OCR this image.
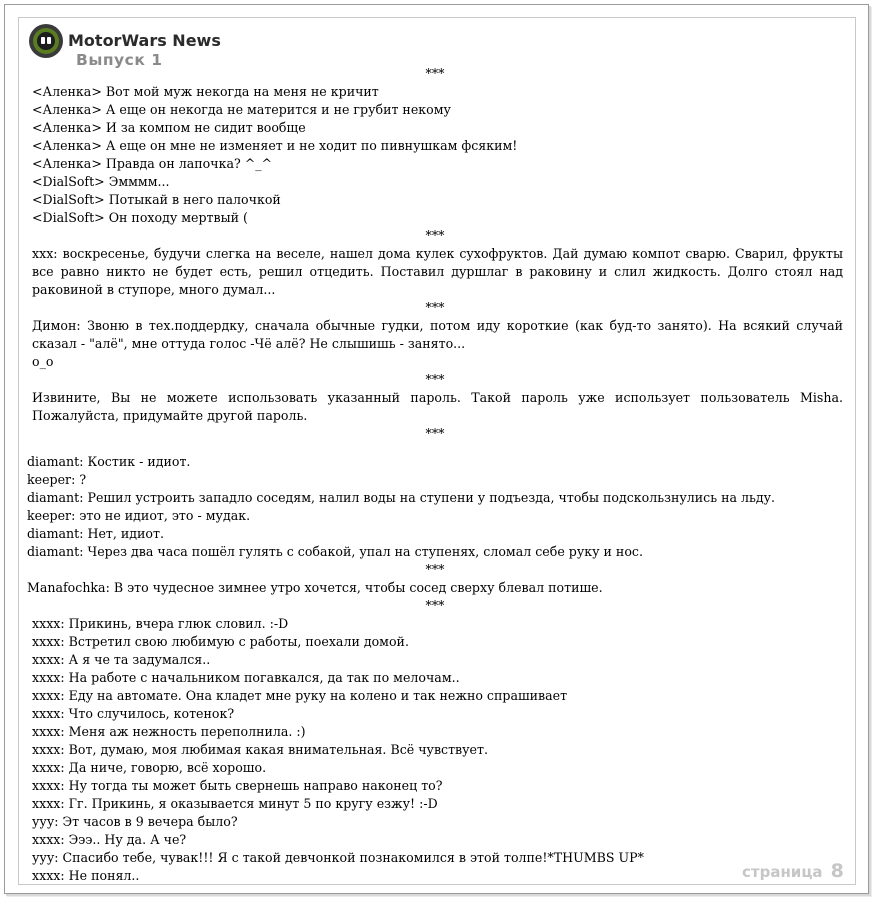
MotorWars News
Выпуск 1
***
<Аленка> Вот мой муж некогда на меня не кричит
<Аленка> А еще он некогда не матерится и не грубит некому
<Аленка> И за компом не сидит вообще
<Аленка> А еще он мне не изменяет и не ходит по пивнушкам фсяким!
<Аленка> Правда он лапочка? ^_^
<DialSoft> Эмммм...
<DialSoft> Потыкай в него палочкой
<DialSoft> Он походу мертвый (
***
xxx: воскресенье, будучи слегка на веселе, нашел дома кулек сухофруктов. Дай думаю компот сварю. Сварил, фрукты все равно никто не будет есть, решил отцедить. Поставил дуршлаг в раковину и слил жидкость. Долго стоял над раковиной в ступоре, много думал...
***
Димон: Звоню в тех.поддердку, сначала обычные гудки, потом иду короткие (как буд-то занято). На всякий случай сказал - "алё", мне оттуда голос -Чё алё? Не слышишь - занято...
o_o
***
Извините, Вы не можете использовать указанный пароль. Такой пароль уже использует пользователь Misha. Пожалуйста, придумайте другой пароль.
***
diamant: Костик - идиот.
keeper: ?
diamant: Решил устроить западло соседям, налил воды на ступени у подъезда, чтобы подскользнулись на льду.
keeper: это не идиот, это - мудак.
diamant: Нет, идиот.
diamant: Через два часа пошёл гулять с собакой, упал на ступенях, сломал себе руку и нос.
***
Manafochka: В это чудесное зимнее утро хочется, чтобы сосед сверху блевал потише.
***
хххх: Прикинь, вчера глюк словил. :-D
хххх: Встретил свою любимую с работы, поехали домой.
хххх: А я че та задумался..
хххх: На работе с начальником погавкался, да так по мелочам..
хххх: Еду на автомате. Она кладет мне руку на колено и так нежно спрашивает
хххх: Что случилось, котенок?
хххх: Меня аж нежность переполнила. :)
хххх: Вот, думаю, моя любимая какая внимательная. Всё чувствует.
хххх: Да ниче, говорю, всё хорошо.
хххх: Ну тогда ты может быть свернешь направо наконец то?
хххх: Гг. Прикинь, я оказывается минут 5 по кругу езжу! :-D
ууу: Эт часов в 9 вечера было?
хххх: Эээ.. Ну да. А че?
ууу: Спасибо тебе, чувак!!! Я с такой девчонкой познакомился в этой толпе!*THUMBS UP*
хххх: Не понял..	страница 8
